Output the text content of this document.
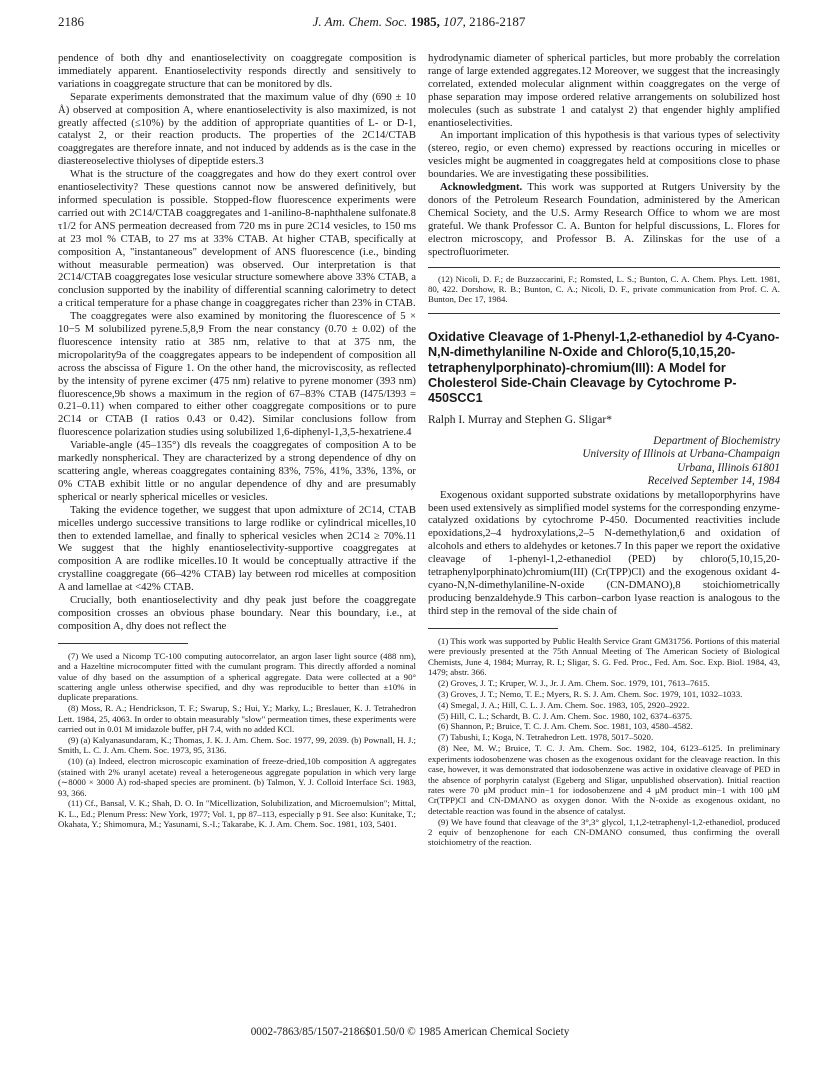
2186	J. Am. Chem. Soc. 1985, 107, 2186-2187

pendence of both dhy and enantioselectivity on coaggregate composition is immediately apparent. Enantioselectivity responds directly and sensitively to variations in coaggregate structure that can be monitored by dls.

Separate experiments demonstrated that the maximum value of dhy (690 ± 10 Å) observed at composition A, where enantioselectivity is also maximized, is not greatly affected (≤10%) by the addition of appropriate quantities of L- or D-1, catalyst 2, or their reaction products. The properties of the 2C14/CTAB coaggregates are therefore innate, and not induced by addends as is the case in the diastereoselective thiolyses of dipeptide esters.3

What is the structure of the coaggregates and how do they exert control over enantioselectivity? These questions cannot now be answered definitively, but informed speculation is possible. Stopped-flow fluorescence experiments were carried out with 2C14/CTAB coaggregates and 1-anilino-8-naphthalene sulfonate.8 τ1/2 for ANS permeation decreased from 720 ms in pure 2C14 vesicles, to 150 ms at 23 mol % CTAB, to 27 ms at 33% CTAB. At higher CTAB, specifically at composition A, "instantaneous" development of ANS fluorescence (i.e., binding without measurable permeation) was observed. Our interpretation is that 2C14/CTAB coaggregates lose vesicular structure somewhere above 33% CTAB, a conclusion supported by the inability of differential scanning calorimetry to detect a critical temperature for a phase change in coaggregates richer than 23% in CTAB.

The coaggregates were also examined by monitoring the fluorescence of 5 × 10−5 M solubilized pyrene.5,8,9 From the near constancy (0.70 ± 0.02) of the fluorescence intensity ratio at 385 nm, relative to that at 375 nm, the micropolarity9a of the coaggregates appears to be independent of composition all across the abscissa of Figure 1. On the other hand, the microviscosity, as reflected by the intensity of pyrene excimer (475 nm) relative to pyrene monomer (393 nm) fluorescence,9b shows a maximum in the region of 67–83% CTAB (I475/I393 = 0.21–0.11) when compared to either other coaggregate compositions or to pure 2C14 or CTAB (I ratios 0.43 or 0.42). Similar conclusions follow from fluorescence polarization studies using solubilized 1,6-diphenyl-1,3,5-hexatriene.4

Variable-angle (45–135°) dls reveals the coaggregates of composition A to be markedly nonspherical. They are characterized by a strong dependence of dhy on scattering angle, whereas coaggregates containing 83%, 75%, 41%, 33%, 13%, or 0% CTAB exhibit little or no angular dependence of dhy and are presumably spherical or nearly spherical micelles or vesicles.

Taking the evidence together, we suggest that upon admixture of 2C14, CTAB micelles undergo successive transitions to large rodlike or cylindrical micelles,10 then to extended lamellae, and finally to spherical vesicles when 2C14 ≥ 70%.11 We suggest that the highly enantioselectivity-supportive coaggregates at composition A are rodlike micelles.10 It would be conceptually attractive if the crystalline coaggregate (66–42% CTAB) lay between rod micelles at composition A and lamellae at <42% CTAB.

Crucially, both enantioselectivity and dhy peak just before the coaggregate composition crosses an obvious phase boundary. Near this boundary, i.e., at composition A, dhy does not reflect the

(7) We used a Nicomp TC-100 computing autocorrelator, an argon laser light source (488 nm), and a Hazeltine microcomputer fitted with the cumulant program. This directly afforded a nominal value of dhy based on the assumption of a spherical aggregate. Data were collected at a 90° scattering angle unless otherwise specified, and dhy was reproducible to better than ±10% in duplicate preparations.

(8) Moss, R. A.; Hendrickson, T. F.; Swarup, S.; Hui, Y.; Marky, L.; Breslauer, K. J. Tetrahedron Lett. 1984, 25, 4063. In order to obtain measurably "slow" permeation times, these experiments were carried out in 0.01 M imidazole buffer, pH 7.4, with no added KCl.

(9) (a) Kalyanasundaram, K.; Thomas, J. K. J. Am. Chem. Soc. 1977, 99, 2039. (b) Pownall, H. J.; Smith, L. C. J. Am. Chem. Soc. 1973, 95, 3136.

(10) (a) Indeed, electron microscopic examination of freeze-dried,10b composition A aggregates (stained with 2% uranyl acetate) reveal a heterogeneous aggregate population in which very large (∼8000 × 3000 Å) rod-shaped species are prominent. (b) Talmon, Y. J. Colloid Interface Sci. 1983, 93, 366.

(11) Cf., Bansal, V. K.; Shah, D. O. In "Micellization, Solubilization, and Microemulsion"; Mittal, K. L., Ed.; Plenum Press: New York, 1977; Vol. 1, pp 87–113, especially p 91. See also: Kunitake, T.; Okahata, Y.; Shimomura, M.; Yasunami, S.-I.; Takarabe, K. J. Am. Chem. Soc. 1981, 103, 5401.

hydrodynamic diameter of spherical particles, but more probably the correlation range of large extended aggregates.12 Moreover, we suggest that the increasingly correlated, extended molecular alignment within coaggregates on the verge of phase separation may impose ordered relative arrangements on solubilized host molecules (such as substrate 1 and catalyst 2) that engender highly amplified enantioselectivities.

An important implication of this hypothesis is that various types of selectivity (stereo, regio, or even chemo) expressed by reactions occuring in micelles or vesicles might be augmented in coaggregates held at compositions close to phase boundaries. We are investigating these possibilities.

Acknowledgment. This work was supported at Rutgers University by the donors of the Petroleum Research Foundation, administered by the American Chemical Society, and the U.S. Army Research Office to whom we are most grateful. We thank Professor C. A. Bunton for helpful discussions, L. Flores for electron microscopy, and Professor B. A. Zilinskas for the use of a spectrofluorimeter.

(12) Nicoli, D. F.; de Buzzaccarini, F.; Romsted, L. S.; Bunton, C. A. Chem. Phys. Lett. 1981, 80, 422. Dorshow, R. B.; Bunton, C. A.; Nicoli, D. F., private communication from Prof. C. A. Bunton, Dec 17, 1984.

Oxidative Cleavage of 1-Phenyl-1,2-ethanediol by 4-Cyano-N,N-dimethylaniline N-Oxide and Chloro(5,10,15,20-tetraphenylporphinato)-chromium(III): A Model for Cholesterol Side-Chain Cleavage by Cytochrome P-450SCC1
Ralph I. Murray and Stephen G. Sligar*
Department of Biochemistry
University of Illinois at Urbana-Champaign
Urbana, Illinois 61801
Received September 14, 1984

Exogenous oxidant supported substrate oxidations by metalloporphyrins have been used extensively as simplified model systems for the corresponding enzyme-catalyzed oxidations by cytochrome P-450. Documented reactivities include epoxidations,2–4 hydroxylations,2–5 N-demethylation,6 and oxidation of alcohols and ethers to aldehydes or ketones.7 In this paper we report the oxidative cleavage of 1-phenyl-1,2-ethanediol (PED) by chloro(5,10,15,20-tetraphenylporphinato)chromium(III) (Cr(TPP)Cl) and the exogenous oxidant 4-cyano-N,N-dimethylaniline-N-oxide (CN-DMANO),8 stoichiometrically producing benzaldehyde.9 This carbon–carbon lyase reaction is analogous to the third step in the removal of the side chain of

(1) This work was supported by Public Health Service Grant GM31756. Portions of this material were previously presented at the 75th Annual Meeting of The American Society of Biological Chemists, June 4, 1984; Murray, R. I.; Sligar, S. G. Fed. Proc., Fed. Am. Soc. Exp. Biol. 1984, 43, 1479; abstr. 366.

(2) Groves, J. T.; Kruper, W. J., Jr. J. Am. Chem. Soc. 1979, 101, 7613–7615.

(3) Groves, J. T.; Nemo, T. E.; Myers, R. S. J. Am. Chem. Soc. 1979, 101, 1032–1033.

(4) Smegal, J. A.; Hill, C. L. J. Am. Chem. Soc. 1983, 105, 2920–2922.

(5) Hill, C. L.; Schardt, B. C. J. Am. Chem. Soc. 1980, 102, 6374–6375.

(6) Shannon, P.; Bruice, T. C. J. Am. Chem. Soc. 1981, 103, 4580–4582.

(7) Tabushi, I.; Koga, N. Tetrahedron Lett. 1978, 5017–5020.

(8) Nee, M. W.; Bruice, T. C. J. Am. Chem. Soc. 1982, 104, 6123–6125. In preliminary experiments iodosobenzene was chosen as the exogenous oxidant for the cleavage reaction. In this case, however, it was demonstrated that iodosobenzene was active in oxidative cleavage of PED in the absence of porphyrin catalyst (Egeberg and Sligar, unpublished observation). Initial reaction rates were 70 μM product min−1 for iodosobenzene and 4 μM product min−1 with 100 μM Cr(TPP)Cl and CN-DMANO as oxygen donor. With the N-oxide as exogenous oxidant, no detectable reaction was found in the absence of catalyst.

(9) We have found that cleavage of the 3°,3° glycol, 1,1,2-tetraphenyl-1,2-ethanediol, produced 2 equiv of benzophenone for each CN-DMANO consumed, thus confirming the overall stoichiometry of the reaction.

0002-7863/85/1507-2186$01.50/0 © 1985 American Chemical Society
